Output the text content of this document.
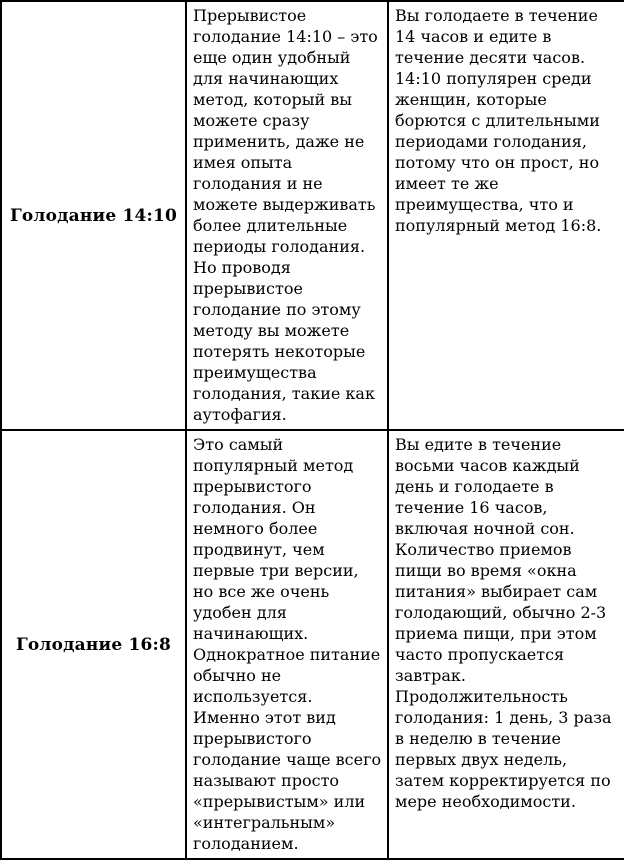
Голодание 14:10	Прерывистое голодание 14:10 – это еще один удобный для начинающих метод, который вы можете сразу применить, даже не имея опыта голодания и не можете выдерживать более длительные периоды голодания. Но проводя прерывистое голодание по этому методу вы можете потерять некоторые преимущества голодания, такие как аутофагия.	Вы голодаете в течение 14 часов и едите в течение десяти часов. 14:10 популярен среди женщин, которые борются с длительными периодами голодания, потому что он прост, но имеет те же преимущества, что и популярный метод 16:8.
Голодание 16:8	Это самый популярный метод прерывистого голодания. Он немного более продвинут, чем первые три версии, но все же очень удобен для начинающих. Однократное питание обычно не используется. Именно этот вид прерывистого голодание чаще всего называют просто «прерывистым» или «интегральным» голоданием.	Вы едите в течение восьми часов каждый день и голодаете в течение 16 часов, включая ночной сон. Количество приемов пищи во время «окна питания» выбирает сам голодающий, обычно 2-3 приема пищи, при этом часто пропускается завтрак. Продолжительность голодания: 1 день, 3 раза в неделю в течение первых двух недель, затем корректируется по мере необходимости.
